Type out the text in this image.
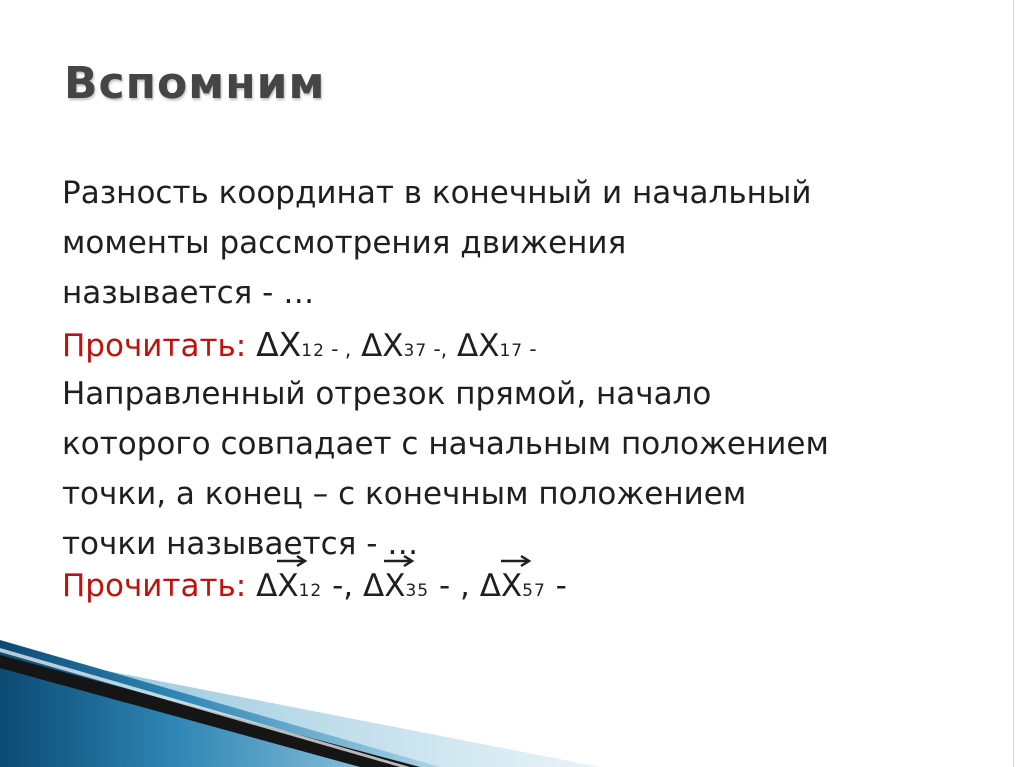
Вспомним
Разность координат в конечный и начальный
моменты рассмотрения движения
называется - …
Прочитать: ΔX12 - , ΔX37 -, ΔX17 -
Направленный отрезок прямой, начало
которого совпадает с начальным положением
точки, а конец – с конечным положением
точки называется - …
Прочитать: Δ
X12 -, Δ
X35 - , Δ
X57 -
